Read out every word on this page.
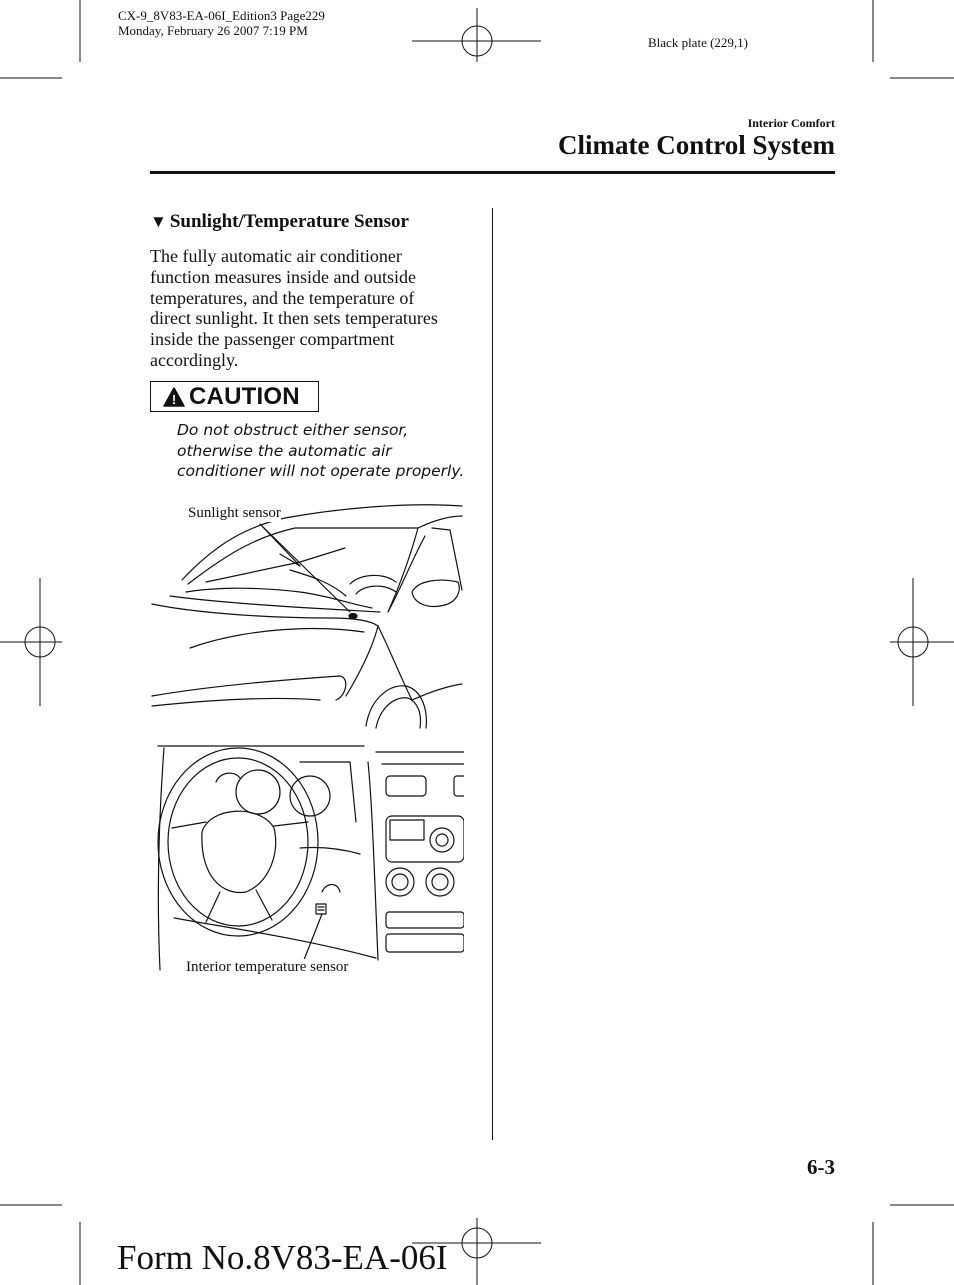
CX-9_8V83-EA-06I_Edition3 Page229
Monday, February 26 2007 7:19 PM
Black plate (229,1)
Interior Comfort
Climate Control System
▼ Sunlight/Temperature Sensor
The fully automatic air conditioner
function measures inside and outside
temperatures, and the temperature of
direct sunlight. It then sets temperatures
inside the passenger compartment
accordingly.
! CAUTION
Do not obstruct either sensor,
otherwise the automatic air
conditioner will not operate properly.
Sunlight sensor
Interior temperature sensor
6-3
Form No.8V83-EA-06I
